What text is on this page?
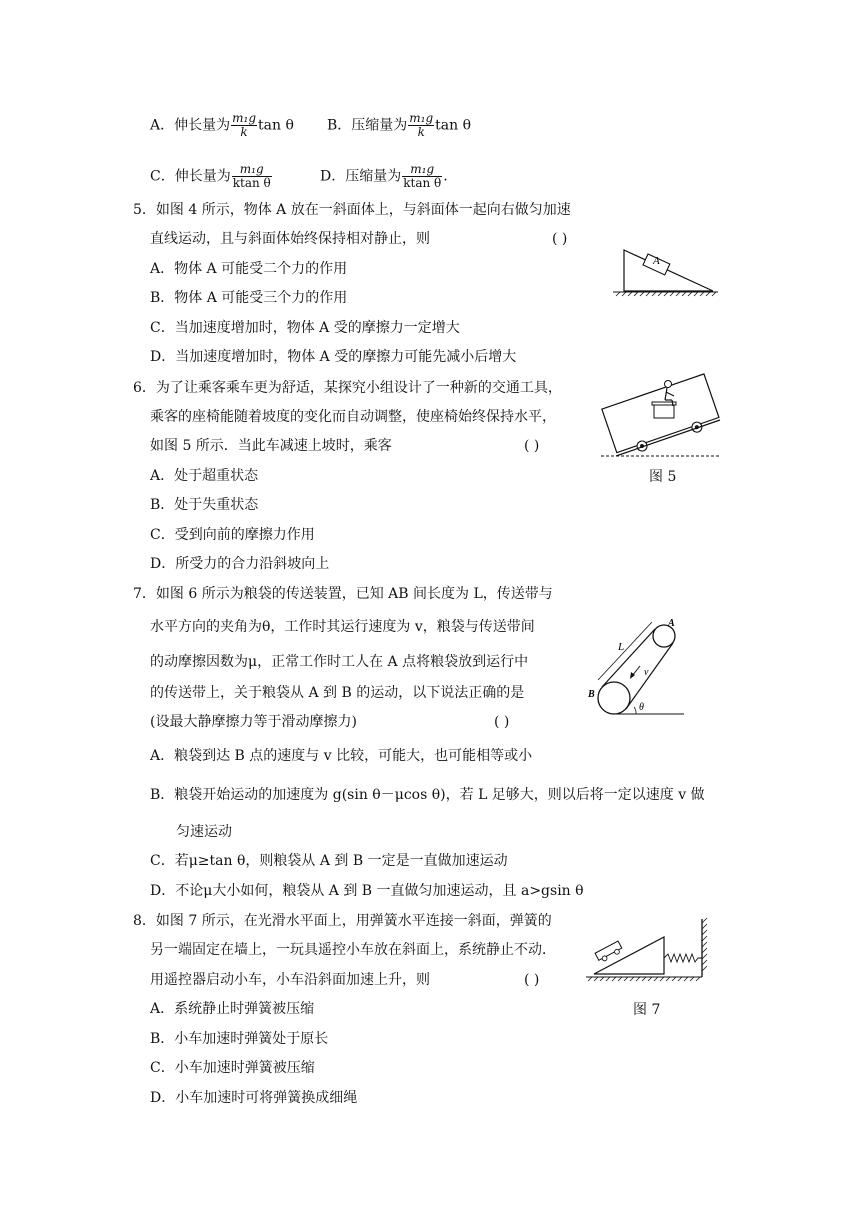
A．伸长量为 $\frac{\text{m₁g}}{k}$ tan θ B．压缩量为 $\frac{\text{m₁g}}{k}$ tan θ
C．伸长量为 $\frac{\text{m₁g}}{\text{ktan θ}}$	D．压缩量为 $\frac{\text{m₁g}}{\text{ktan θ}}$ .
5．如图 4 所示，物体 A 放在一斜面体上，与斜面体一起向右做匀加速
直线运动，且与斜面体始终保持相对静止，则	( )
A．物体 A 可能受二个力的作用
B．物体 A 可能受三个力的作用
C．当加速度增加时，物体 A 受的摩擦力一定增大
D．当加速度增加时，物体 A 受的摩擦力可能先减小后增大
A
6．为了让乘客乘车更为舒适，某探究小组设计了一种新的交通工具，
乘客的座椅能随着坡度的变化而自动调整，使座椅始终保持水平，
如图 5 所示．当此车减速上坡时，乘客	( )
A．处于超重状态
B．处于失重状态
C．受到向前的摩擦力作用
D．所受力的合力沿斜坡向上
图 5
7．如图 6 所示为粮袋的传送装置，已知 AB 间长度为 L，传送带与
水平方向的夹角为θ，工作时其运行速度为 v，粮袋与传送带间
的动摩擦因数为μ，正常工作时工人在 A 点将粮袋放到运行中
的传送带上，关于粮袋从 A 到 B 的运动，以下说法正确的是
(设最大静摩擦力等于滑动摩擦力)	( )
A．粮袋到达 B 点的速度与 v 比较，可能大，也可能相等或小
B．粮袋开始运动的加速度为 g(sin θ－μcos θ)，若 L 足够大，则以后将一定以速度 v 做
匀速运动
C．若μ≥tan θ，则粮袋从 A 到 B 一定是一直做加速运动
D．不论μ大小如何，粮袋从 A 到 B 一直做匀加速运动，且 a>gsin θ
L
A
B
v
θ
8．如图 7 所示，在光滑水平面上，用弹簧水平连接一斜面，弹簧的
另一端固定在墙上，一玩具遥控小车放在斜面上，系统静止不动．
用遥控器启动小车，小车沿斜面加速上升，则	( )
A．系统静止时弹簧被压缩
B．小车加速时弹簧处于原长
C．小车加速时弹簧被压缩
D．小车加速时可将弹簧换成细绳
图 7
